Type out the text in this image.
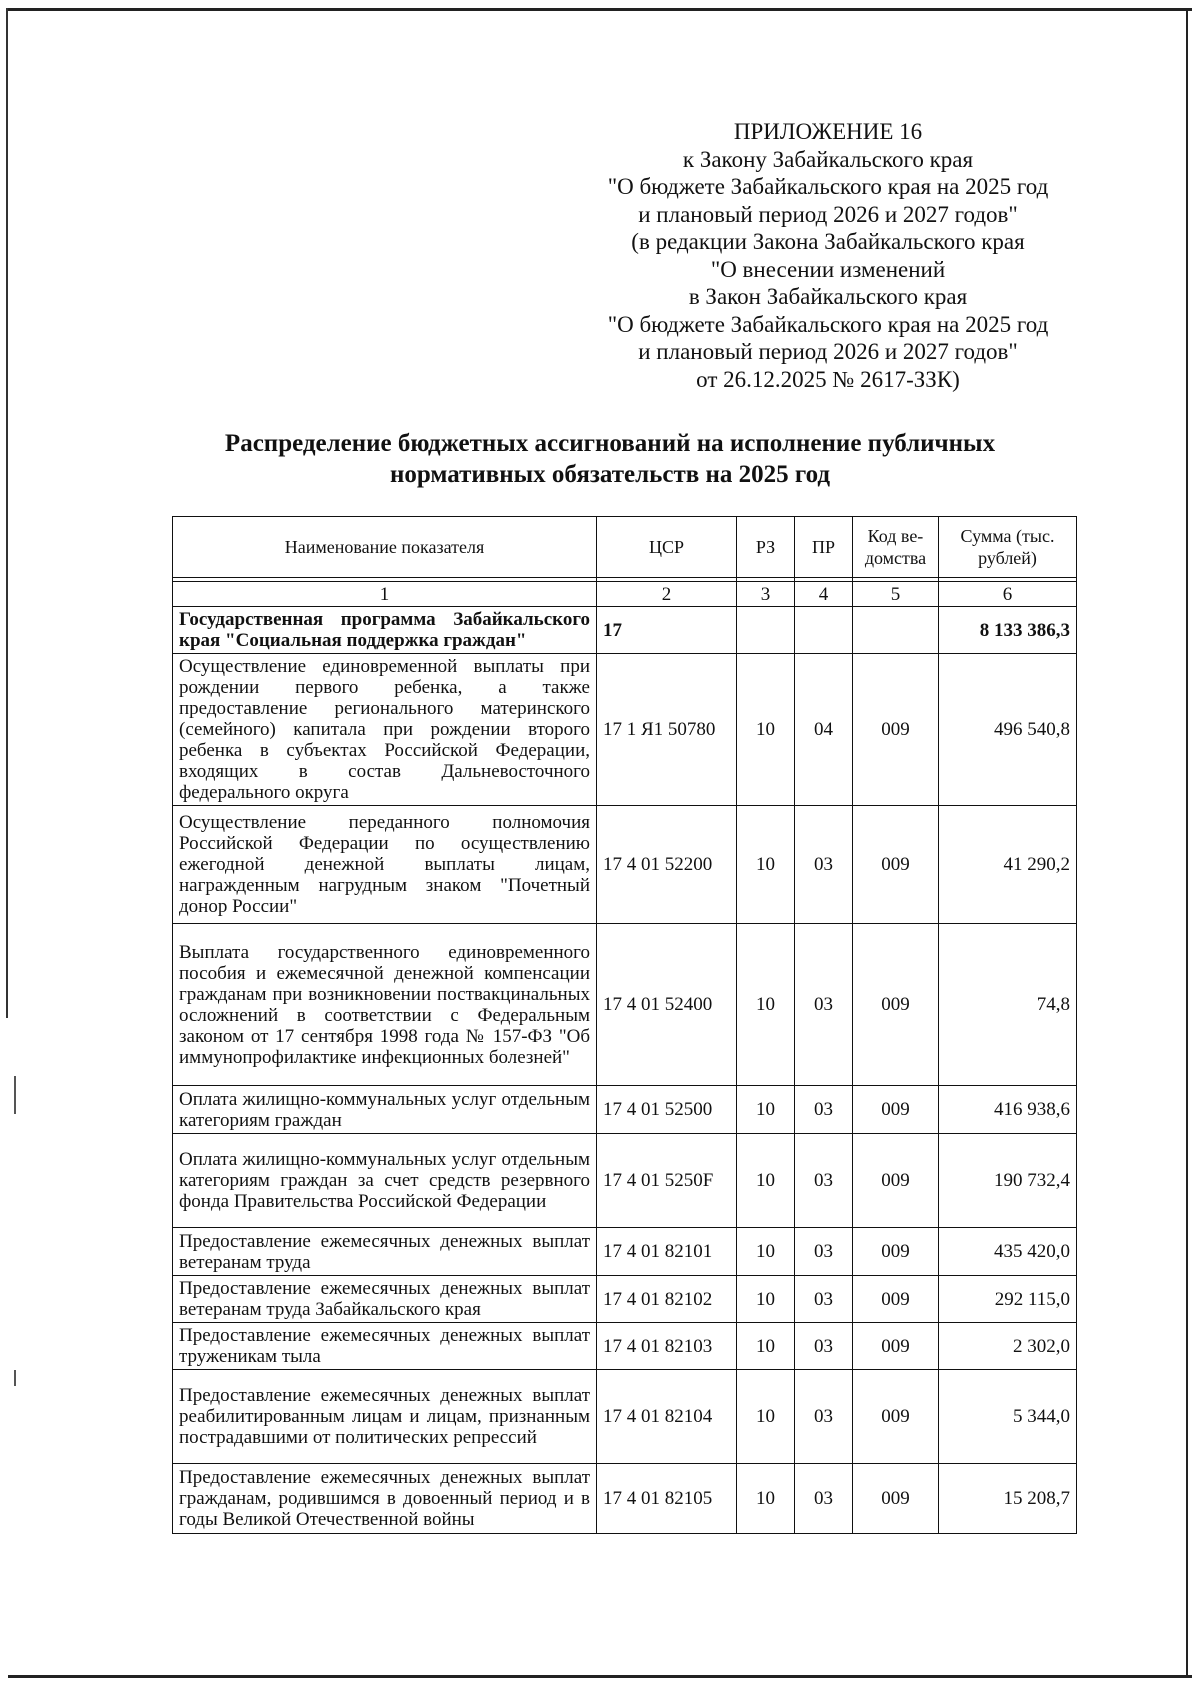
ПРИЛОЖЕНИЕ 16
к Закону Забайкальского края
"О бюджете Забайкальского края на 2025 год
и плановый период 2026 и 2027 годов"
(в редакции Закона Забайкальского края
"О внесении изменений
в Закон Забайкальского края
"О бюджете Забайкальского края на 2025 год
и плановый период 2026 и 2027 годов"
от 26.12.2025 № 2617-ЗЗК)
Распределение бюджетных ассигнований на исполнение публичных
нормативных обязательств на 2025 год
Наименование показателя	ЦСР	РЗ	ПР	Код ве-домства	Сумма (тыс. рублей)

1	2	3	4	5	6
Государственная программа Забайкальского края "Социальная поддержка граждан"	17				8 133 386,3
Осуществление единовременной выплаты при рождении первого ребенка, а также предоставление регионального материнского (семейного) капитала при рождении второго ребенка в субъектах Российской Федерации, входящих в состав Дальневосточного федерального округа	17 1 Я1 50780	10	04	009	496 540,8
Осуществление переданного полномочия Российской Федерации по осуществлению ежегодной денежной выплаты лицам, награжденным нагрудным знаком "Почетный донор России"	17 4 01 52200	10	03	009	41 290,2
Выплата государственного единовременного пособия и ежемесячной денежной компенсации гражданам при возникновении поствакцинальных осложнений в соответствии с Федеральным законом от 17 сентября 1998 года № 157-ФЗ "Об иммунопрофилактике инфекционных болезней"	17 4 01 52400	10	03	009	74,8
Оплата жилищно-коммунальных услуг отдельным категориям граждан	17 4 01 52500	10	03	009	416 938,6
Оплата жилищно-коммунальных услуг отдельным категориям граждан за счет средств резервного фонда Правительства Российской Федерации	17 4 01 5250F	10	03	009	190 732,4
Предоставление ежемесячных денежных выплат ветеранам труда	17 4 01 82101	10	03	009	435 420,0
Предоставление ежемесячных денежных выплат ветеранам труда Забайкальского края	17 4 01 82102	10	03	009	292 115,0
Предоставление ежемесячных денежных выплат труженикам тыла	17 4 01 82103	10	03	009	2 302,0
Предоставление ежемесячных денежных выплат реабилитированным лицам и лицам, признанным пострадавшими от политических репрессий	17 4 01 82104	10	03	009	5 344,0
Предоставление ежемесячных денежных выплат гражданам, родившимся в довоенный период и в годы Великой Отечественной войны	17 4 01 82105	10	03	009	15 208,7
